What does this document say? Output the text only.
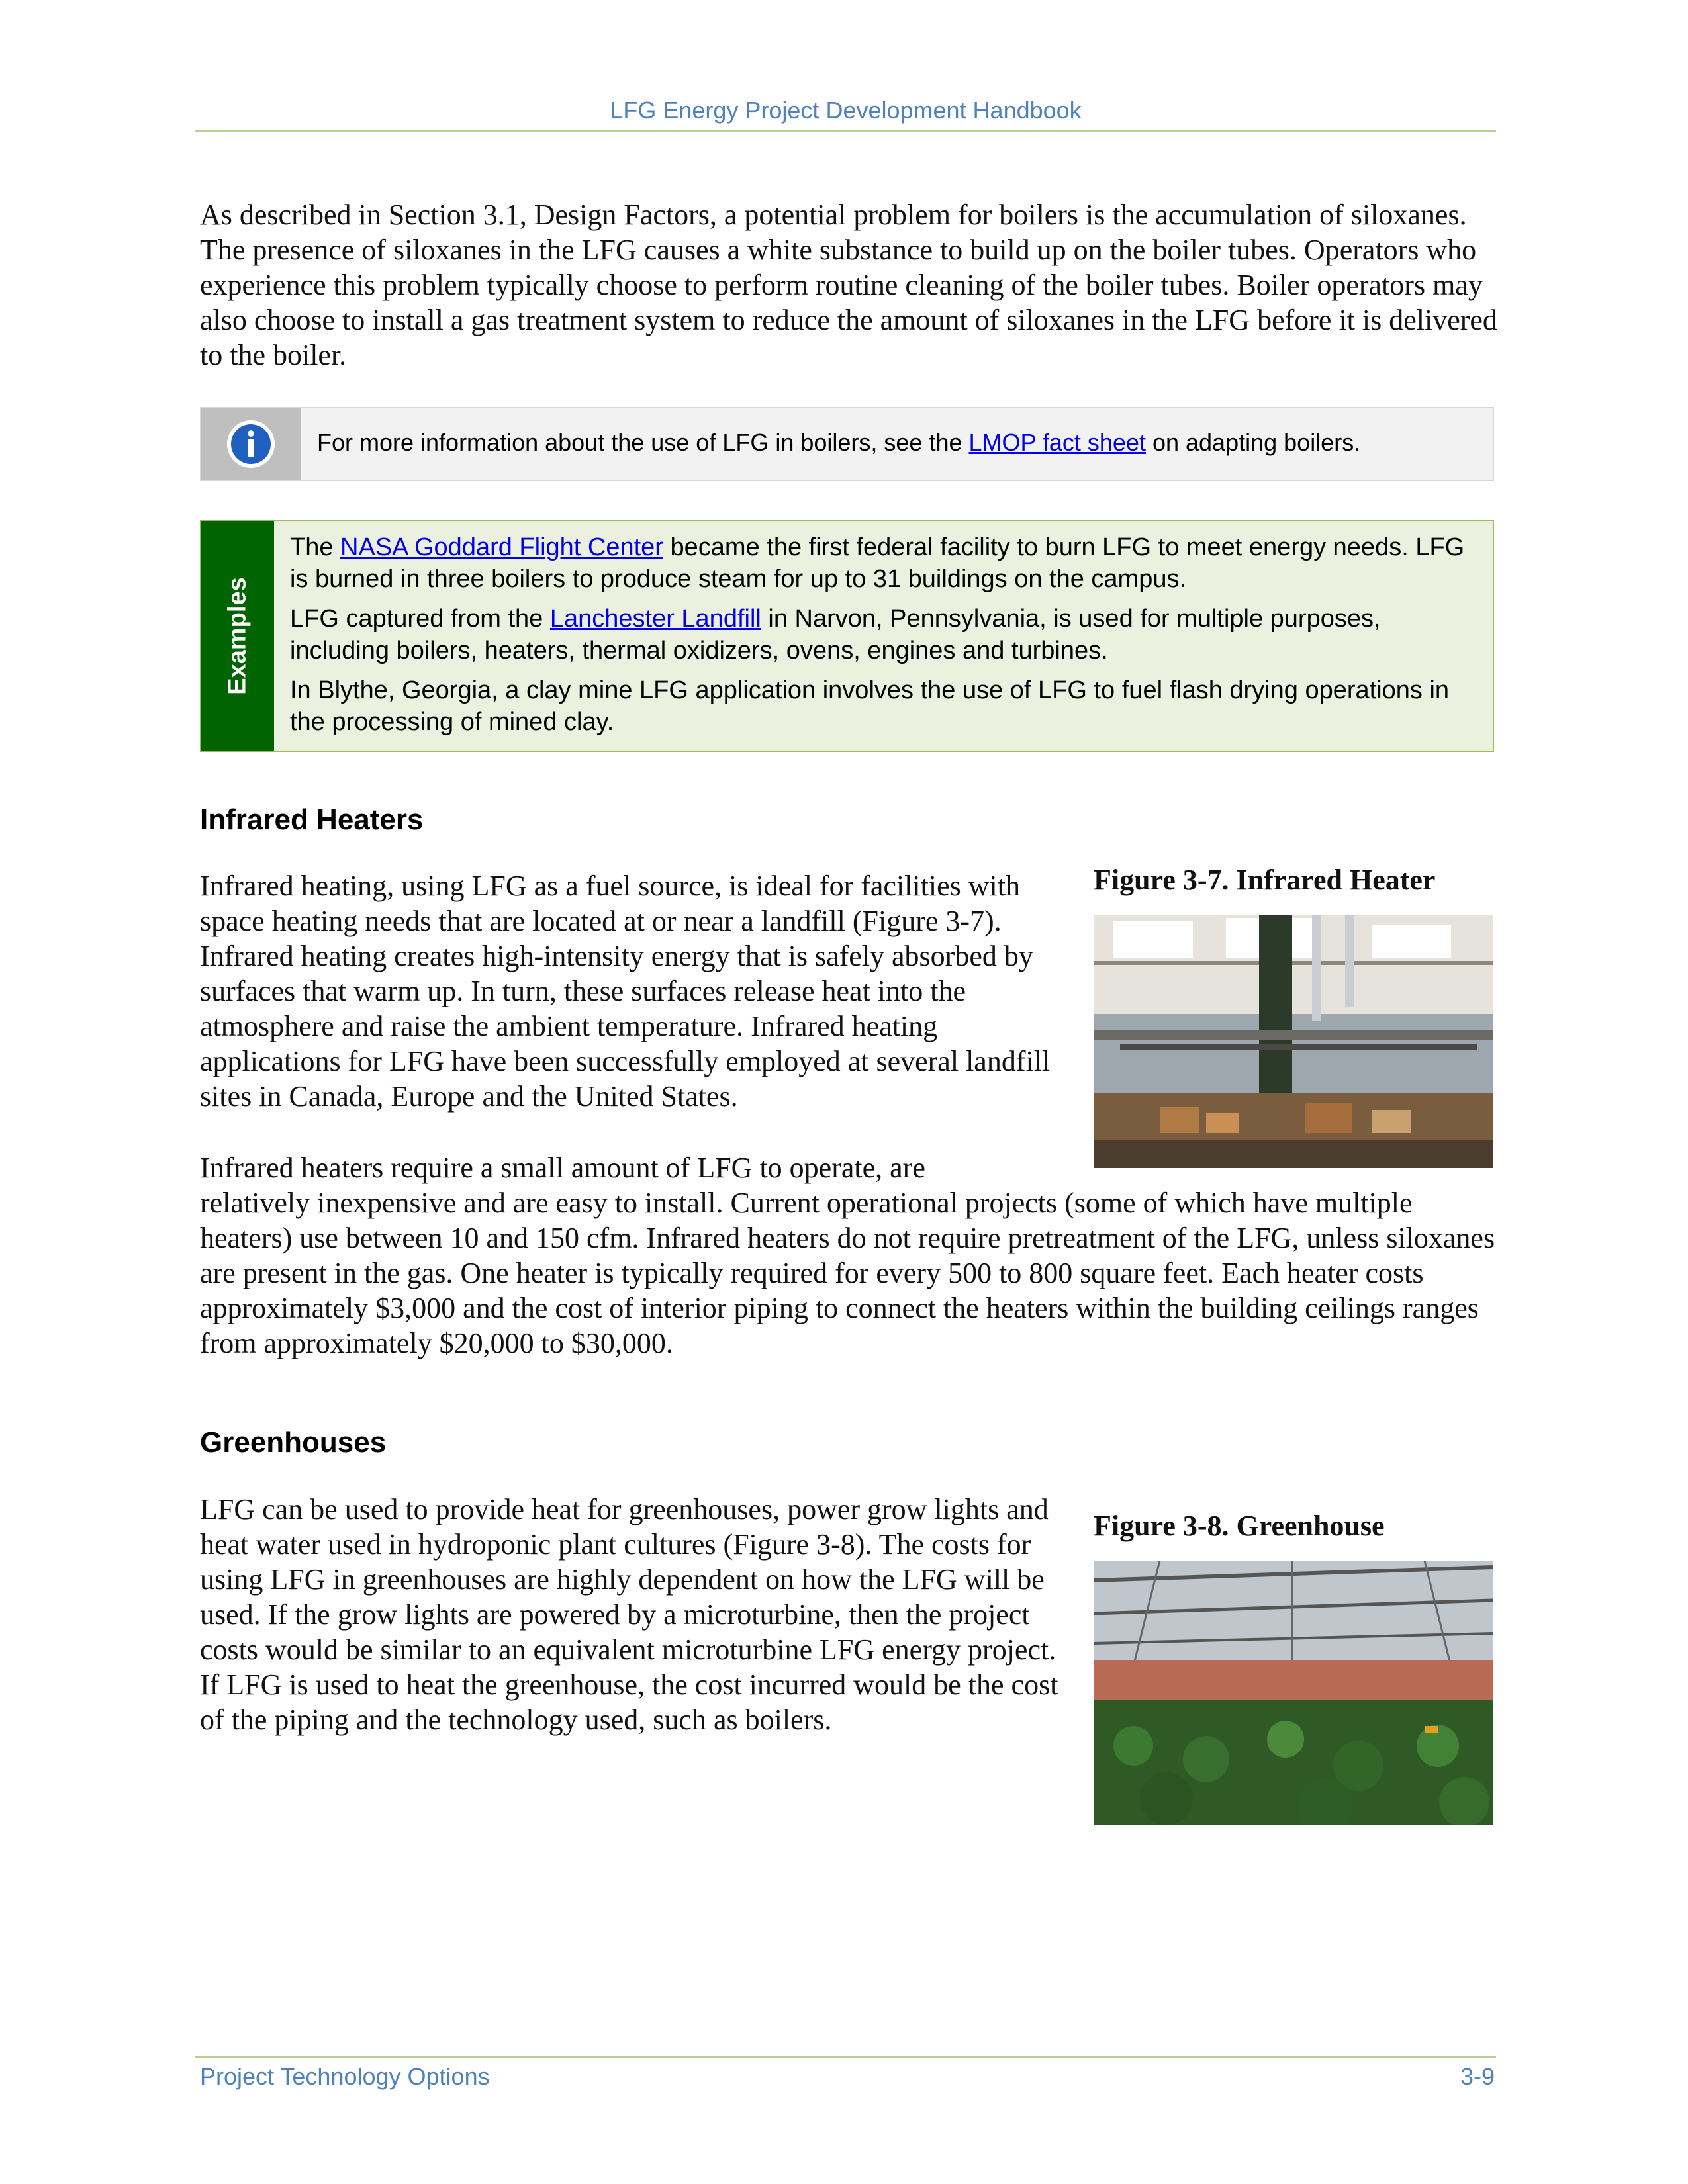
LFG Energy Project Development Handbook

As described in Section 3.1, Design Factors, a potential problem for boilers is the accumulation of siloxanes. The presence of siloxanes in the LFG causes a white substance to build up on the boiler tubes. Operators who experience this problem typically choose to perform routine cleaning of the boiler tubes. Boiler operators may also choose to install a gas treatment system to reduce the amount of siloxanes in the LFG before it is delivered to the boiler.

For more information about the use of LFG in boilers, see the LMOP fact sheet on adapting boilers.
Examples
The NASA Goddard Flight Center became the first federal facility to burn LFG to meet energy needs. LFG is burned in three boilers to produce steam for up to 31 buildings on the campus.
LFG captured from the Lanchester Landfill in Narvon, Pennsylvania, is used for multiple purposes, including boilers, heaters, thermal oxidizers, ovens, engines and turbines.
In Blythe, Georgia, a clay mine LFG application involves the use of LFG to fuel flash drying operations in the processing of mined clay.
Infrared Heaters

Infrared heating, using LFG as a fuel source, is ideal for facilities with space heating needs that are located at or near a landfill (Figure 3-7). Infrared heating creates high-intensity energy that is safely absorbed by surfaces that warm up. In turn, these surfaces release heat into the atmosphere and raise the ambient temperature. Infrared heating applications for LFG have been successfully employed at several landfill sites in Canada, Europe and the United States.

Figure 3-7. Infrared Heater

Infrared heaters require a small amount of LFG to operate, are

relatively inexpensive and are easy to install. Current operational projects (some of which have multiple heaters) use between 10 and 150 cfm. Infrared heaters do not require pretreatment of the LFG, unless siloxanes are present in the gas. One heater is typically required for every 500 to 800 square feet. Each heater costs approximately $3,000 and the cost of interior piping to connect the heaters within the building ceilings ranges from approximately $20,000 to $30,000.

Greenhouses

LFG can be used to provide heat for greenhouses, power grow lights and heat water used in hydroponic plant cultures (Figure 3-8). The costs for using LFG in greenhouses are highly dependent on how the LFG will be used. If the grow lights are powered by a microturbine, then the project costs would be similar to an equivalent microturbine LFG energy project. If LFG is used to heat the greenhouse, the cost incurred would be the cost of the piping and the technology used, such as boilers.

Figure 3-8. Greenhouse
Project Technology Options	3-9
